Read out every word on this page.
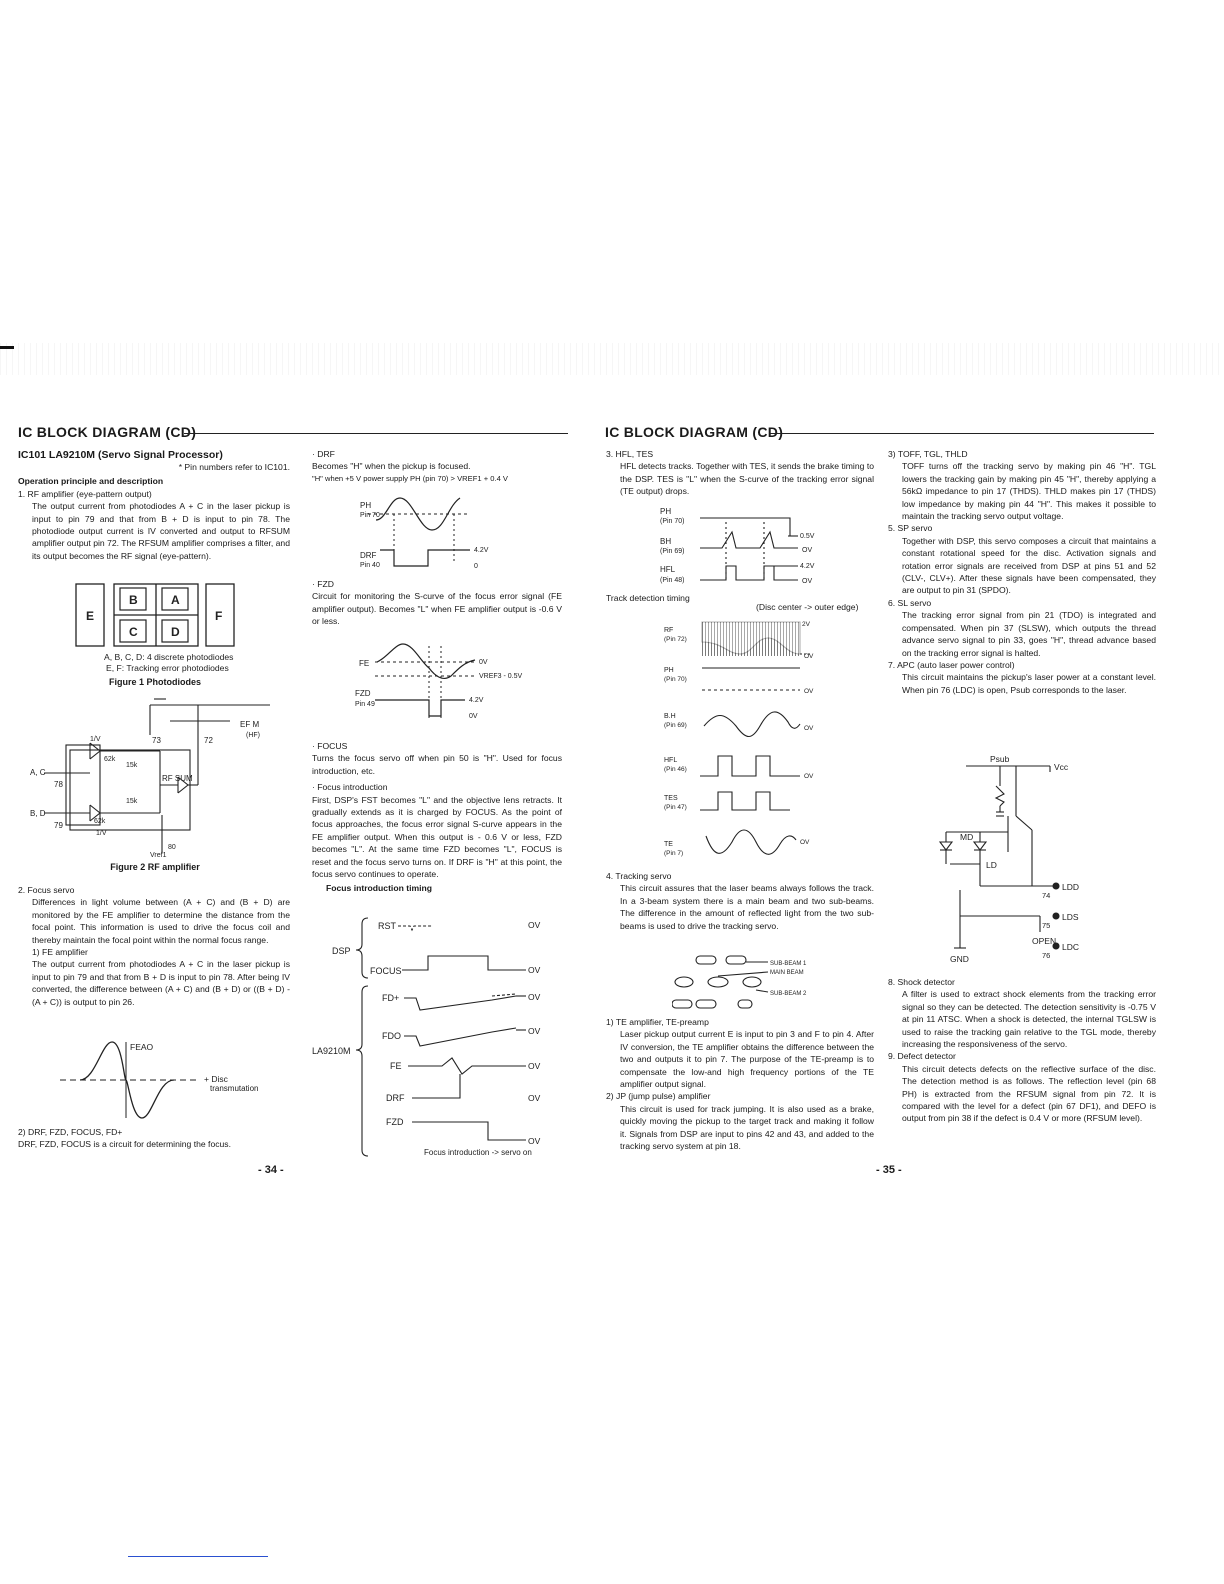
IC BLOCK DIAGRAM (CD)	IC BLOCK DIAGRAM (CD)
IC101 LA9210M (Servo Signal Processor)
* Pin numbers refer to IC101.
Operation principle and description
1. RF amplifier (eye-pattern output)
The output current from photodiodes A + C in the laser pickup is input to pin 79 and that from B + D is input to pin 78. The photodiode output current is IV converted and output to RFSUM amplifier output pin 72. The RFSUM amplifier comprises a filter, and its output becomes the RF signal (eye-pattern).
E
B	A
C	D
F
A, B, C, D: 4 discrete photodiodes
E, F: Tracking error photodiodes
Figure 1 Photodiodes
A, C
78
B, D
79
1/V
1/V
62k
15k
15k
62k
RF SUM
73	72
EF M
(HF)
80
Vref1
Figure 2 RF amplifier
2. Focus servo
Differences in light volume between (A + C) and (B + D) are monitored by the FE amplifier to determine the distance from the focal point. This information is used to drive the focus coil and thereby maintain the focal point within the normal focus range.
1) FE amplifier
The output current from photodiodes A + C in the laser pickup is input to pin 79 and that from B + D is input to pin 78. After being IV converted, the difference between (A + C) and (B + D) or ((B + D) - (A + C)) is output to pin 26.
FEAO
+ Disc
transmutation
2) DRF, FZD, FOCUS, FD+
DRF, FZD, FOCUS is a circuit for determining the focus.
- 34 -
· DRF
Becomes "H" when the pickup is focused.
"H" when +5 V power supply PH (pin 70) > VREF1 + 0.4 V
PH
Pin 70
DRF
Pin 40
4.2V
0
· FZD
Circuit for monitoring the S-curve of the focus error signal (FE amplifier output). Becomes "L" when FE amplifier output is -0.6 V or less.
FE	0V
VREF3 - 0.5V
FZD
Pin 49
4.2V
0V
· FOCUS
Turns the focus servo off when pin 50 is "H". Used for focus introduction, etc.
· Focus introduction
First, DSP's FST becomes "L" and the objective lens retracts. It gradually extends as it is charged by FOCUS. As the point of focus approaches, the focus error signal S-curve appears in the FE amplifier output. When this output is - 0.6 V or less, FZD becomes "L". At the same time FZD becomes "L", FOCUS is reset and the focus servo turns on. If DRF is "H" at this point, the focus servo continues to operate.
Focus introduction timing
RST
DSP
FOCUS
LA9210M
FD+
FDO
FE
DRF
FZD
OV
OV
OV
OV
OV
OV
OV
Focus introduction -> servo on
3. HFL, TES
HFL detects tracks. Together with TES, it sends the brake timing to the DSP. TES is "L" when the S-curve of the tracking error signal (TE output) drops.
PH
(Pin 70)
BH
(Pin 69)
HFL
(Pin 48)
0.5V
OV
4.2V
OV
Track detection timing
(Disc center -> outer edge)
RF
(Pin 72)
2V
OV
PH
(Pin 70)
OV
B.H
(Pin 69)	OV
HFL
(Pin 46)
OV
TES
(Pin 47)
TE
(Pin 7)
OV
4. Tracking servo
This circuit assures that the laser beams always follows the track. In a 3-beam system there is a main beam and two sub-beams. The difference in the amount of reflected light from the two sub-beams is used to drive the tracking servo.
SUB-BEAM 1
MAIN BEAM
SUB-BEAM 2
1) TE amplifier, TE-preamp
Laser pickup output current E is input to pin 3 and F to pin 4. After IV conversion, the TE amplifier obtains the difference between the two and outputs it to pin 7. The purpose of the TE-preamp is to compensate the low-and high frequency portions of the TE amplifier output signal.
2) JP (jump pulse) amplifier
This circuit is used for track jumping. It is also used as a brake, quickly moving the pickup to the target track and making it follow it. Signals from DSP are input to pins 42 and 43, and added to the tracking servo system at pin 18.
3) TOFF, TGL, THLD
TOFF turns off the tracking servo by making pin 46 "H". TGL lowers the tracking gain by making pin 45 "H", thereby applying a 56kΩ impedance to pin 17 (THDS). THLD makes pin 17 (THDS) low impedance by making pin 44 "H". This makes it possible to maintain the tracking servo output voltage.
5. SP servo
Together with DSP, this servo composes a circuit that maintains a constant rotational speed for the disc. Activation signals and rotation error signals are received from DSP at pins 51 and 52 (CLV-, CLV+). After these signals have been compensated, they are output to pin 31 (SPDO).
6. SL servo
The tracking error signal from pin 21 (TDO) is integrated and compensated. When pin 37 (SLSW), which outputs the thread advance servo signal to pin 33, goes "H", thread advance based on the tracking error signal is halted.
7. APC (auto laser power control)
This circuit maintains the pickup's laser power at a constant level. When pin 76 (LDC) is open, Psub corresponds to the laser.
Psub
Vcc
MD
LD
LDD
74
LDS
75
OPEN
LDC
76
GND
8. Shock detector
A filter is used to extract shock elements from the tracking error signal so they can be detected. The detection sensitivity is -0.75 V at pin 11 ATSC. When a shock is detected, the internal TGLSW is used to raise the tracking gain relative to the TGL mode, thereby increasing the responsiveness of the servo.
9. Defect detector
This circuit detects defects on the reflective surface of the disc. The detection method is as follows. The reflection level (pin 68 PH) is extracted from the RFSUM signal from pin 72. It is compared with the level for a defect (pin 67 DF1), and DEFO is output from pin 38 if the defect is 0.4 V or more (RFSUM level).
- 35 -
